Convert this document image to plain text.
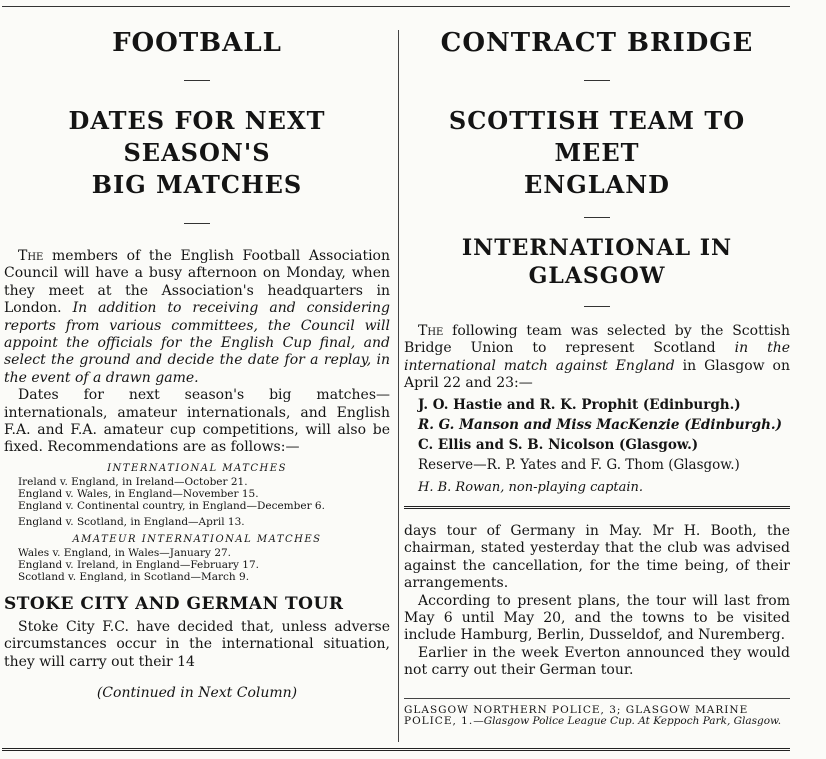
FOOTBALL
DATES FOR NEXT SEASON'S
BIG MATCHES

The members of the English Football Association Council will have a busy afternoon on Monday, when they meet at the Association's headquarters in London. In addition to receiving and considering reports from various committees, the Council will appoint the officials for the English Cup final, and select the ground and decide the date for a replay, in the event of a drawn game.

Dates for next season's big matches—internationals, amateur internationals, and English F.A. and F.A. amateur cup competitions, will also be fixed. Recommendations are as follows:—

INTERNATIONAL MATCHES

Ireland v. England, in Ireland—October 21.

England v. Wales, in England—November 15.

England v. Continental country, in England—December 6.

England v. Scotland, in England—April 13.

AMATEUR INTERNATIONAL MATCHES

Wales v. England, in Wales—January 27.

England v. Ireland, in England—February 17.

Scotland v. England, in Scotland—March 9.

STOKE CITY AND GERMAN TOUR

Stoke City F.C. have decided that, unless adverse circumstances occur in the international situation, they will carry out their 14

(Continued in Next Column)
CONTRACT BRIDGE
SCOTTISH TEAM TO MEET
ENGLAND
INTERNATIONAL IN GLASGOW

The following team was selected by the Scottish Bridge Union to represent Scotland in the international match against England in Glasgow on April 22 and 23:—

J. O. Hastie and R. K. Prophit (Edinburgh.)

R. G. Manson and Miss MacKenzie (Edinburgh.)

C. Ellis and S. B. Nicolson (Glasgow.)

Reserve—R. P. Yates and F. G. Thom (Glasgow.)

H. B. Rowan, non-playing captain.

days tour of Germany in May. Mr H. Booth, the chairman, stated yesterday that the club was advised against the cancellation, for the time being, of their arrangements.

According to present plans, the tour will last from May 6 until May 20, and the towns to be visited include Hamburg, Berlin, Dusseldof, and Nuremberg.

Earlier in the week Everton announced they would not carry out their German tour.

GLASGOW NORTHERN POLICE, 3; GLASGOW MARINE POLICE, 1.—Glasgow Police League Cup. At Keppoch Park, Glasgow.
